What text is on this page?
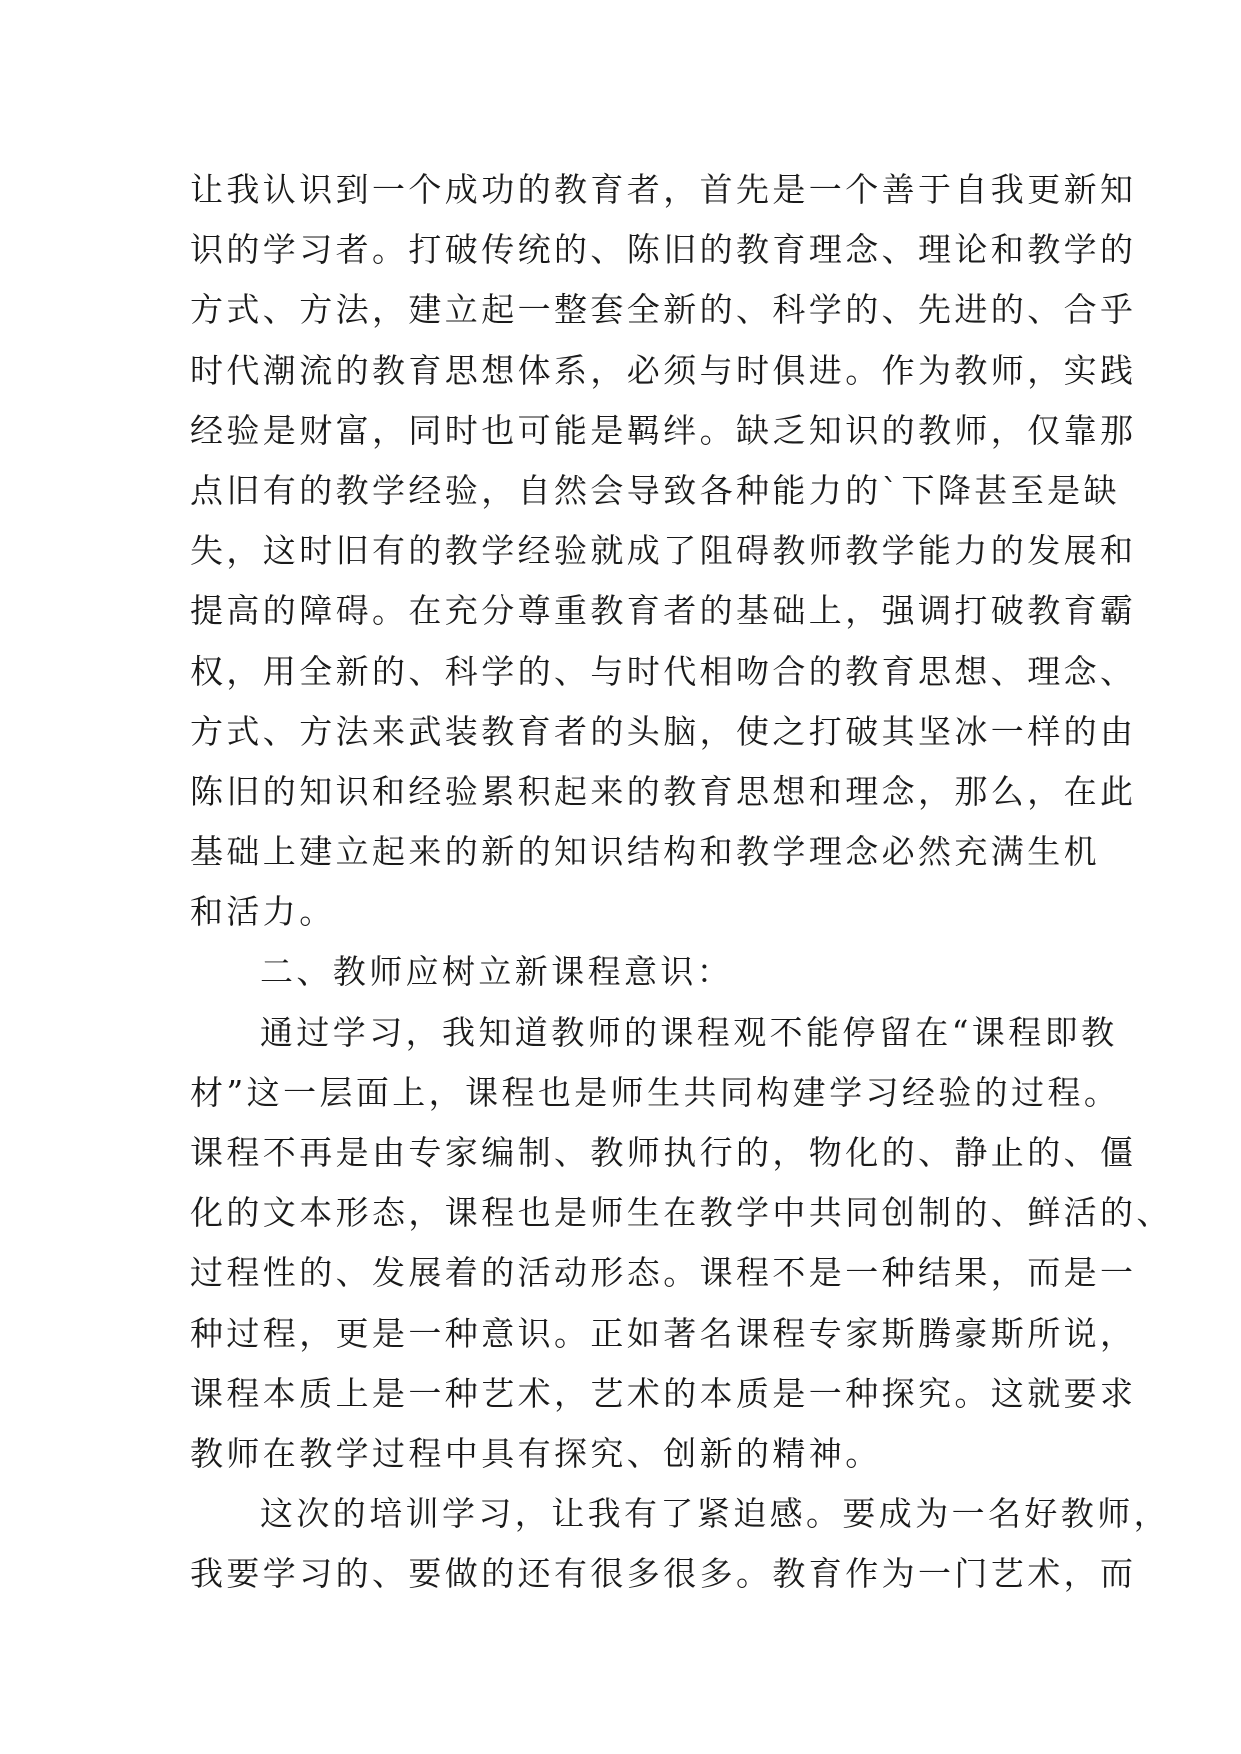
让我认识到一个成功的教育者，首先是一个善于自我更新知
识的学习者。打破传统的、陈旧的教育理念、理论和教学的
方式、方法，建立起一整套全新的、科学的、先进的、合乎
时代潮流的教育思想体系，必须与时俱进。作为教师，实践
经验是财富，同时也可能是羁绊。缺乏知识的教师，仅靠那
点旧有的教学经验，自然会导致各种能力的`下降甚至是缺
失，这时旧有的教学经验就成了阻碍教师教学能力的发展和
提高的障碍。在充分尊重教育者的基础上，强调打破教育霸
权，用全新的、科学的、与时代相吻合的教育思想、理念、
方式、方法来武装教育者的头脑，使之打破其坚冰一样的由
陈旧的知识和经验累积起来的教育思想和理念，那么，在此
基础上建立起来的新的知识结构和教学理念必然充满生机
和活力。
二、教师应树立新课程意识：
通过学习，我知道教师的课程观不能停留在“课程即教
材”这一层面上，课程也是师生共同构建学习经验的过程。
课程不再是由专家编制、教师执行的，物化的、静止的、僵
化的文本形态，课程也是师生在教学中共同创制的、鲜活的、
过程性的、发展着的活动形态。课程不是一种结果，而是一
种过程，更是一种意识。正如著名课程专家斯腾豪斯所说，
课程本质上是一种艺术，艺术的本质是一种探究。这就要求
教师在教学过程中具有探究、创新的精神。
这次的培训学习，让我有了紧迫感。要成为一名好教师，
我要学习的、要做的还有很多很多。教育作为一门艺术，而
